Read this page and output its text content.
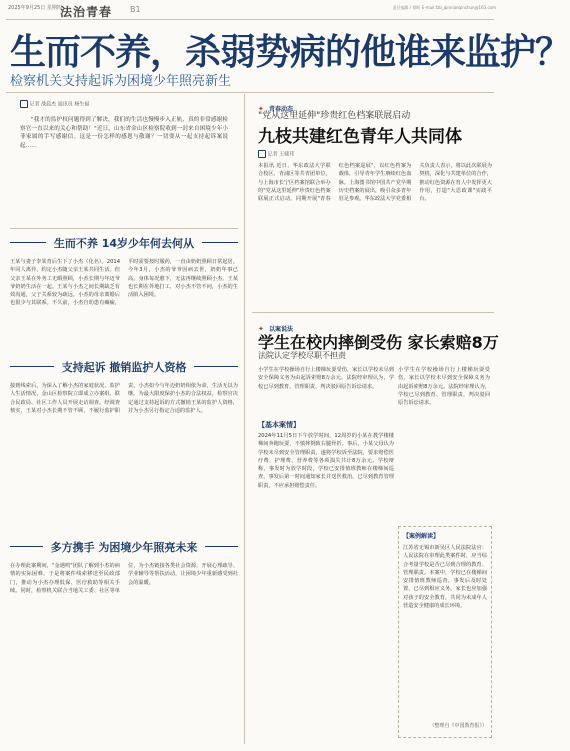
2025年9月25日 星期四
法治青春 B1	责任编辑 / 徐昕 E-mail:fzb_qinnianqinchun@163.com
生而不养，杀弱势病的他谁来监护？
检察机关支持起诉为困境少年照亮新生
记者 战晨杰 通讯员 杨生福
"我才的监护权问题得到了解决，我们的生活也慢慢步入正轨，真的非常感谢检察官一直以来的关心和帮助！"近日，山东省金山区检察院收到一封来自困境少年小菲家属的手写感谢信。这是一份怎样的感恩与敬谢？一切要从一起支持起诉案说起……
生而不养 14岁少年何去何从
王某与妻子李某育后生下了小杰（化名）。2014年同人离异，约定小杰随父亲王某共同生活。但父亲王某在外务工无暇照顾，小杰长期与年迈爷爷奶奶生活在一起。王某与小杰之间长期缺乏有效沟通，父子关系较为疏远。小杰的母亲离婚后也很少与其联系。不久前，小杰自幼患有癫痫，平时需要按时服药，一直由奶奶照顾日常起居。今年3月，小杰的爷爷因病去世，奶奶年事已高，身体每况愈下，无法再继续照顾小杰。王某也长期在外地打工，对小杰不管不问，小杰的生活陷入困境。
支持起诉 撤销监护人资格
接到线索后，为深入了解小杰的家庭状况、监护人生活情况，金山区检察院立即成立办案组，联合民政局、社区工作人员开展走访调查。经调查核实，王某对小杰长期不管不顾，不履行监护职责，小杰如今与年迈奶奶相依为命，生活无以为继。为最大限度保护小杰的合法权益，检察官决定通过支持起诉的方式撤销王某的监护人资格，并为小杰另行指定合适的监护人。
多方携手 为困境少年照亮未来
在办理此案期间，"金遇鸣"团队了解到小杰的病情的实际困难，于是将案件线索移送至民政部门，推动为小杰办理低保、医疗救助等相关手续。同时，检察机关联合当地关工委、社区等单位，为小杰链接各类社会资源，开展心理疏导、学业辅导等帮扶活动，让困境少年重新感受到社会的温暖。
✦ 青春动态
"党从这里延伸"珍贵红色档案联展启动
九枝共建红色青年人共同体
记者 王婕玮
本报讯 近日，华东政法大学联合校区、青浦区等共青团单位，与上海市长宁区档案馆联合举办的"党从这里延伸"珍贵红色档案联展正式启动。同期开展"青春红色档案巡展"，以红色档案为载体，引导青年学生赓续红色血脉。上海图书馆中国共产党早期历史档案的展出，吸引众多青年驻足参观。华东政法大学党委相关负责人表示，将以此次联展为契机，深化与共建单位的合作，推动红色资源在育人中发挥更大作用，打造"大思政课"实践平台。
✦ 以案说法
学生在校内摔倒受伤 家长索赔8万
法院认定学校尽职不担责
小学生在学校操场自行上楼梯玩耍受伤，家长以学校未尽到安全保障义务为由起诉索赔8万余元。法院经审理认为，学校已尽到教育、管理职责，判决驳回原告诉讼请求。
【基本案情】
2024年11月5日下午放学时间，12周岁的小某在教学楼楼梯间奔跑玩耍，不慎摔倒致右腿骨折。事后，小某父母认为学校未尽到安全管理职责，遂将学校诉至法院，要求赔偿医疗费、护理费、营养费等各项损失共计8万余元。学校辩称，事发时为放学时段，学校已安排值班教师在楼梯间巡查，事发后第一时间通知家长并送医救治，已尽到教育管理职责，不应承担赔偿责任。
小学生在学校操场自行上楼梯玩耍受伤，家长以学校未尽到安全保障义务为由起诉索赔8万余元。法院经审理认为，学校已尽到教育、管理职责，判决驳回原告诉讼请求。
【案例解读】
江苏省无锡市新吴区人民法院法官：人民法院在审理此类案件时，应当综合考量学校是否已尽到合理的教育、管理职责。本案中，学校已在楼梯间安排值班教师巡查，事发后及时处置，已尽到相应义务。家长也应加强对孩子的安全教育，共同为未成年人营造安全健康的成长环境。
（整理自《中国教育报》）
